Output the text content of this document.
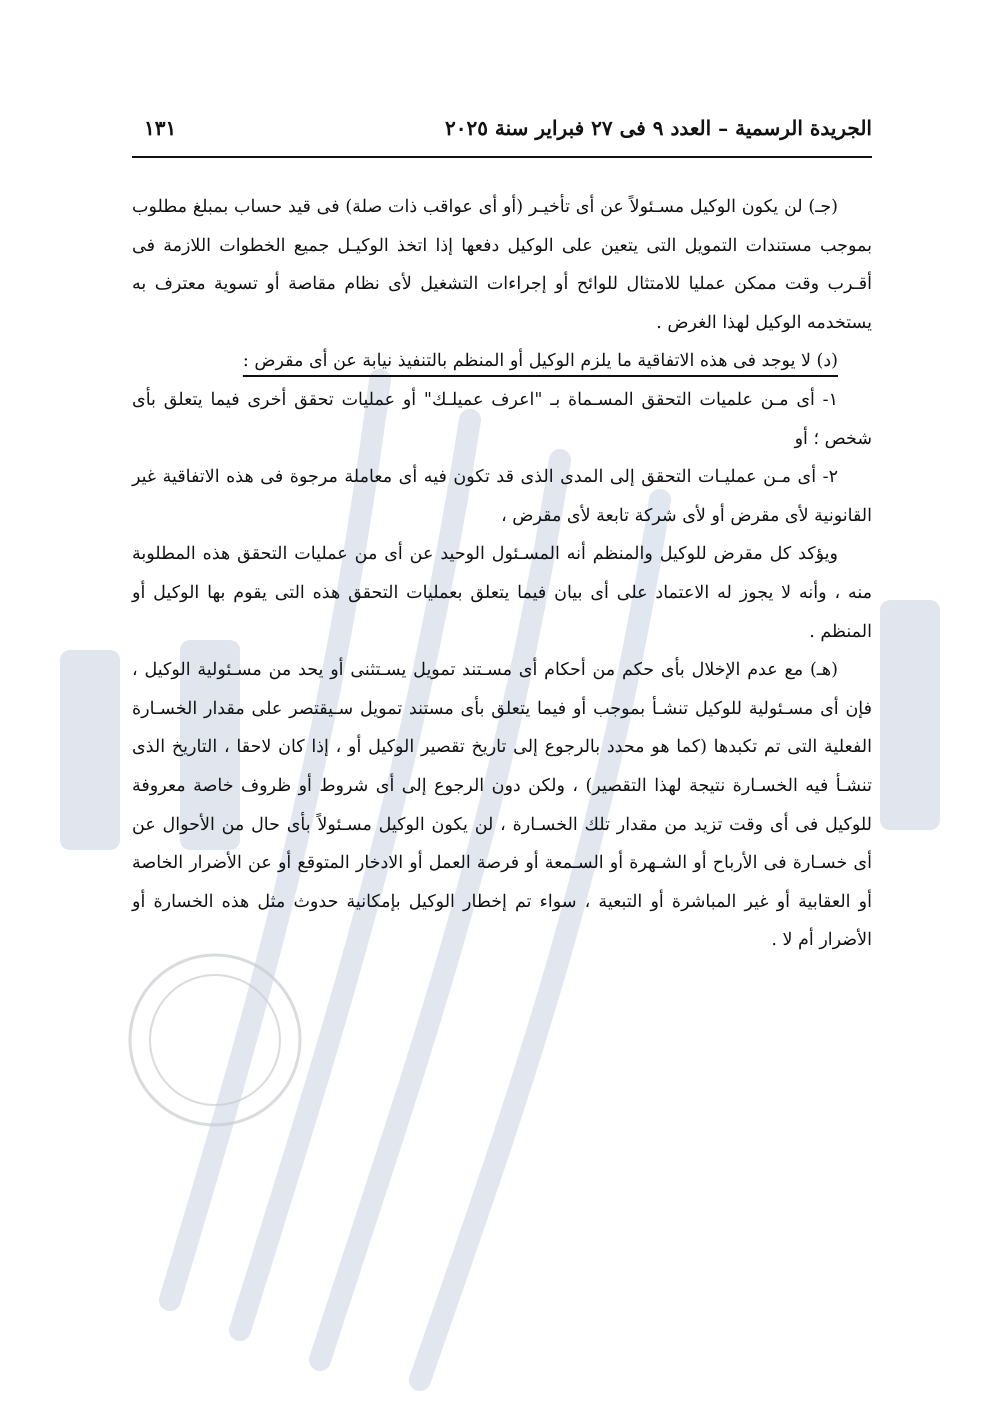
الجريدة الرسمية – العدد ٩ فى ٢٧ فبراير سنة ٢٠٢٥
١٣١

(جـ) لن يكون الوكيل مسـئولاً عن أى تأخيـر (أو أى عواقب ذات صلة) فى قيد حساب بمبلغ مطلوب بموجب مستندات التمويل التى يتعين على الوكيل دفعها إذا اتخذ الوكيـل جميع الخطوات اللازمة فى أقـرب وقت ممكن عمليا للامتثال للوائح أو إجراءات التشغيل لأى نظام مقاصة أو تسوية معترف به يستخدمه الوكيل لهذا الغرض .

(د) لا يوجد فى هذه الاتفاقية ما يلزم الوكيل أو المنظم بالتنفيذ نيابة عن أى مقرض :

١- أى مـن علميات التحقق المسـماة بـ "اعرف عميلـك" أو عمليات تحقق أخرى فيما يتعلق بأى شخص ؛ أو

٢- أى مـن عمليـات التحقق إلى المدى الذى قد تكون فيه أى معاملة مرجوة فى هذه الاتفاقية غير القانونية لأى مقرض أو لأى شركة تابعة لأى مقرض ،

ويؤكد كل مقرض للوكيل والمنظم أنه المسـئول الوحيد عن أى من عمليات التحقق هذه المطلوبة منه ، وأنه لا يجوز له الاعتماد على أى بيان فيما يتعلق بعمليات التحقق هذه التى يقوم بها الوكيل أو المنظم .

(هـ) مع عدم الإخلال بأى حكم من أحكام أى مسـتند تمويل يسـتثنى أو يحد من مسـئولية الوكيل ، فإن أى مسـئولية للوكيل تنشـأ بموجب أو فيما يتعلق بأى مستند تمويل سـيقتصر على مقدار الخسـارة الفعلية التى تم تكبدها (كما هو محدد بالرجوع إلى تاريخ تقصير الوكيل أو ، إذا كان لاحقا ، التاريخ الذى تنشـأ فيه الخسـارة نتيجة لهذا التقصير) ، ولكن دون الرجوع إلى أى شروط أو ظروف خاصة معروفة للوكيل فى أى وقت تزيد من مقدار تلك الخسـارة ، لن يكون الوكيل مسـئولاً بأى حال من الأحوال عن أى خسـارة فى الأرباح أو الشـهرة أو السـمعة أو فرصة العمل أو الادخار المتوقع أو عن الأضرار الخاصة أو العقابية أو غير المباشرة أو التبعية ، سواء تم إخطار الوكيل بإمكانية حدوث مثل هذه الخسارة أو الأضرار أم لا .
